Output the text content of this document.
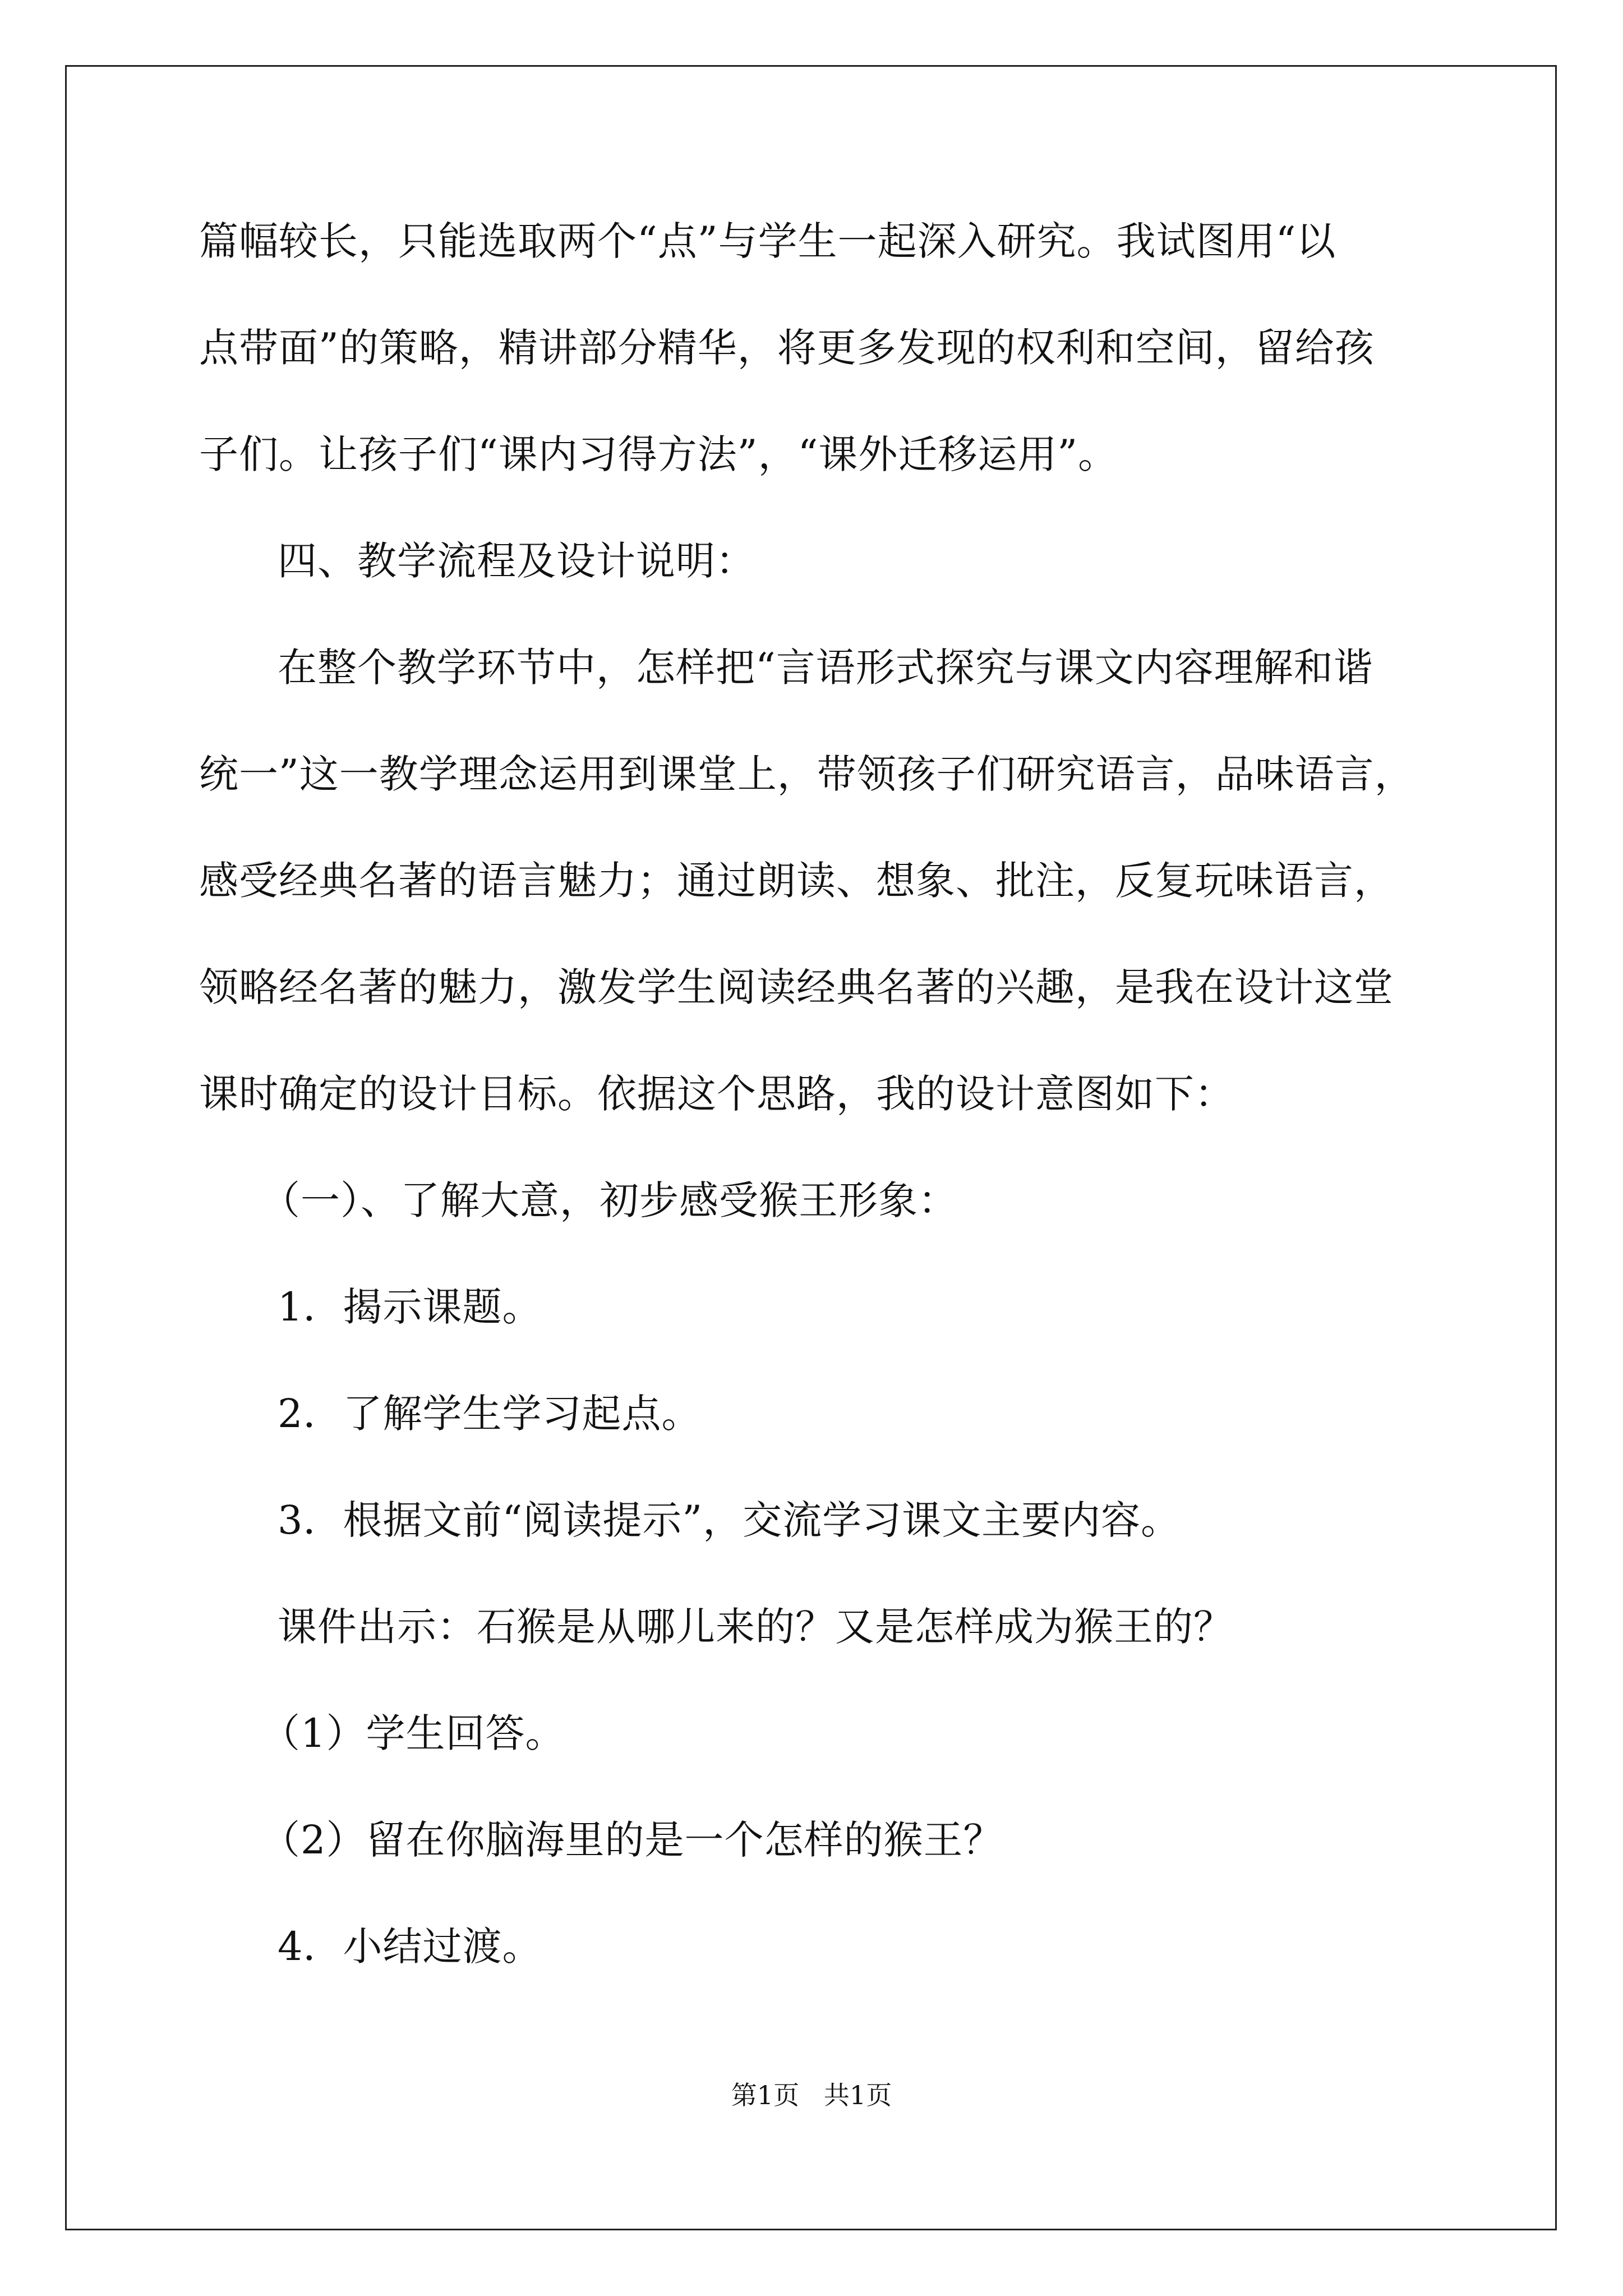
篇幅较长，只能选取两个“点”与学生一起深入研究。我试图用“以
点带面”的策略，精讲部分精华，将更多发现的权利和空间，留给孩
子们。让孩子们“课内习得方法”，“课外迁移运用”。
四、教学流程及设计说明：
在整个教学环节中，怎样把“言语形式探究与课文内容理解和谐
统一”这一教学理念运用到课堂上，带领孩子们研究语言，品味语言，
感受经典名著的语言魅力；通过朗读、想象、批注，反复玩味语言，
领略经名著的魅力，激发学生阅读经典名著的兴趣，是我在设计这堂
课时确定的设计目标。依据这个思路，我的设计意图如下：
（一）、了解大意，初步感受猴王形象：
1．揭示课题。
2．了解学生学习起点。
3．根据文前“阅读提示”，交流学习课文主要内容。
课件出示：石猴是从哪儿来的？又是怎样成为猴王的？
（1）学生回答。
（2）留在你脑海里的是一个怎样的猴王？
4．小结过渡。
第1页   共1页
